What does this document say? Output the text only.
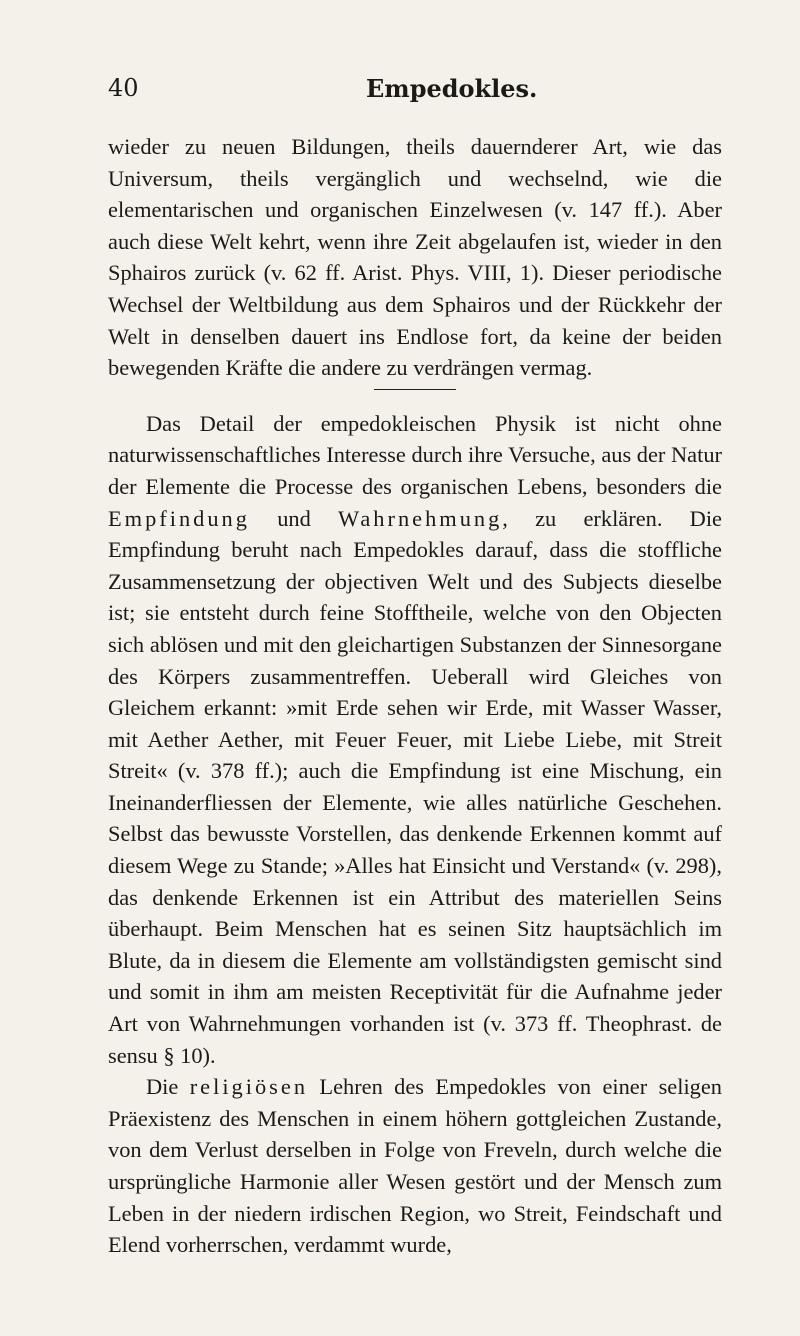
40	Empedokles.

wieder zu neuen Bildungen, theils dauernderer Art, wie das Universum, theils vergänglich und wechselnd, wie die elementarischen und organischen Einzelwesen (v. 147 ff.). Aber auch diese Welt kehrt, wenn ihre Zeit abgelaufen ist, wieder in den Sphairos zurück (v. 62 ff. Arist. Phys. VIII, 1). Dieser periodische Wechsel der Weltbildung aus dem Sphairos und der Rückkehr der Welt in denselben dauert ins Endlose fort, da keine der beiden bewegenden Kräfte die andere zu verdrängen vermag.

Das Detail der empedokleischen Physik ist nicht ohne naturwissenschaftliches Interesse durch ihre Versuche, aus der Natur der Elemente die Processe des organischen Lebens, besonders die Empfindung und Wahrnehmung, zu erklären. Die Empfindung beruht nach Empedokles darauf, dass die stoffliche Zusammensetzung der objectiven Welt und des Subjects dieselbe ist; sie entsteht durch feine Stofftheile, welche von den Objecten sich ablösen und mit den gleichartigen Substanzen der Sinnesorgane des Körpers zusammentreffen. Ueberall wird Gleiches von Gleichem erkannt: »mit Erde sehen wir Erde, mit Wasser Wasser, mit Aether Aether, mit Feuer Feuer, mit Liebe Liebe, mit Streit Streit« (v. 378 ff.); auch die Empfindung ist eine Mischung, ein Ineinanderfliessen der Elemente, wie alles natürliche Geschehen. Selbst das bewusste Vorstellen, das denkende Erkennen kommt auf diesem Wege zu Stande; »Alles hat Einsicht und Verstand« (v. 298), das denkende Erkennen ist ein Attribut des materiellen Seins überhaupt. Beim Menschen hat es seinen Sitz hauptsächlich im Blute, da in diesem die Elemente am vollständigsten gemischt sind und somit in ihm am meisten Receptivität für die Aufnahme jeder Art von Wahrnehmungen vorhanden ist (v. 373 ff. Theophrast. de sensu § 10).

Die religiösen Lehren des Empedokles von einer seligen Präexistenz des Menschen in einem höhern gottgleichen Zustande, von dem Verlust derselben in Folge von Freveln, durch welche die ursprüngliche Harmonie aller Wesen gestört und der Mensch zum Leben in der niedern irdischen Region, wo Streit, Feindschaft und Elend vorherrschen, verdammt wurde,
